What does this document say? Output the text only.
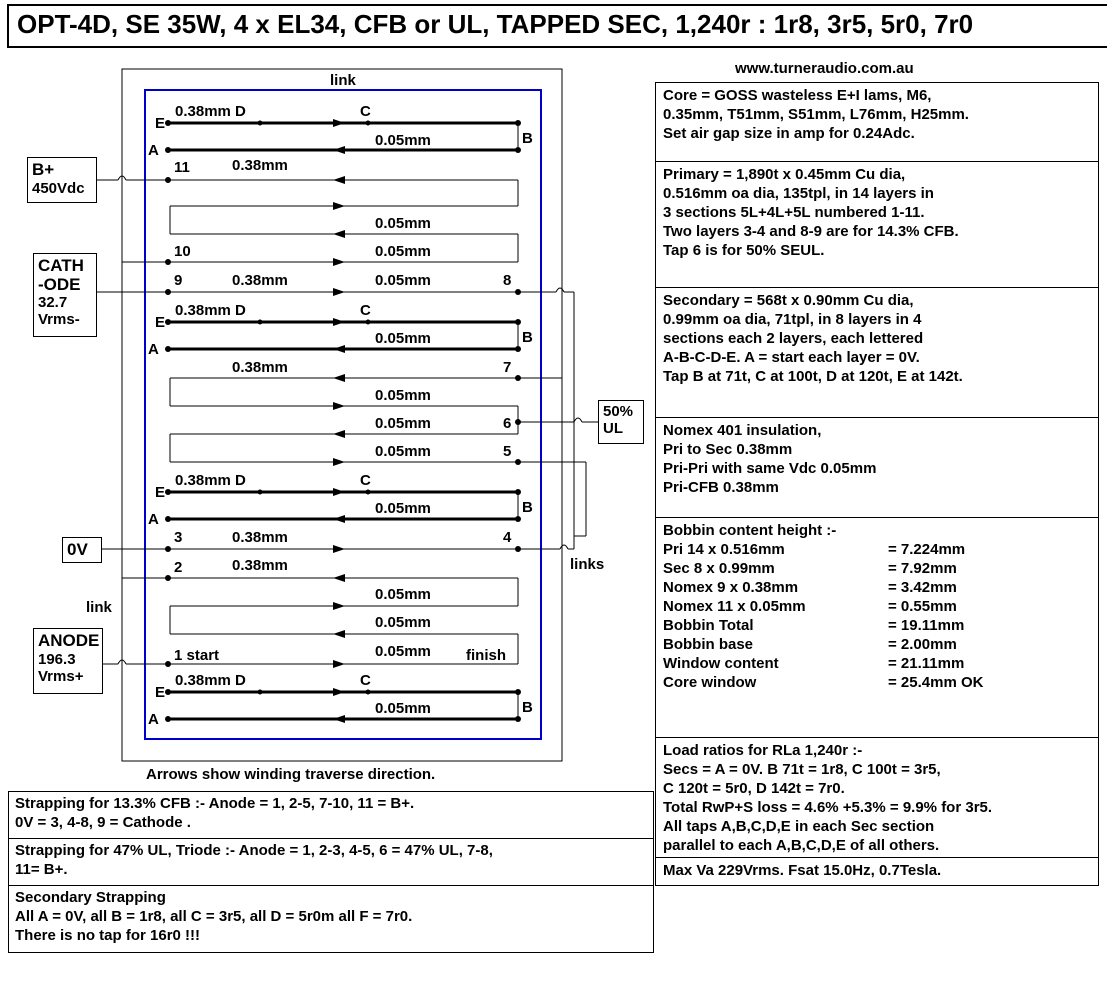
OPT-4D, SE 35W, 4 x EL34, CFB or UL, TAPPED SEC, 1,240r : 1r8, 3r5, 5r0, 7r0
www.turneraudio.com.au
Core = GOSS wasteless E+I lams, M6,
0.35mm, T51mm, S51mm, L76mm, H25mm.
Set air gap size in amp for 0.24Adc.
Primary = 1,890t x 0.45mm Cu dia,
0.516mm oa dia, 135tpl, in 14 layers in
3 sections 5L+4L+5L numbered 1-11.
Two layers 3-4 and 8-9 are for 14.3% CFB.
Tap 6 is for 50% SEUL.
Secondary = 568t x 0.90mm Cu dia,
0.99mm oa dia, 71tpl, in 8 layers in 4
sections each 2 layers, each lettered
A-B-C-D-E. A = start each layer = 0V.
Tap B at 71t, C at 100t, D at 120t, E at 142t.
Nomex 401 insulation,
Pri to Sec 0.38mm
Pri-Pri with same Vdc 0.05mm
Pri-CFB 0.38mm
Bobbin content height :-
Pri 14 x 0.516mm	= 7.224mm
Sec 8 x 0.99mm	= 7.92mm
Nomex 9 x 0.38mm	= 3.42mm
Nomex 11 x 0.05mm	= 0.55mm
Bobbin Total	= 19.11mm
Bobbin base	= 2.00mm
Window content	= 21.11mm
Core window	= 25.4mm OK
Load ratios for RLa 1,240r :-
Secs = A = 0V. B 71t = 1r8, C 100t = 3r5,
C 120t = 5r0, D 142t = 7r0.
Total RwP+S loss = 4.6% +5.3% = 9.9% for 3r5.
All taps A,B,C,D,E in each Sec section
parallel to each A,B,C,D,E of all others.
Max Va 229Vrms. Fsat 15.0Hz, 0.7Tesla.
Strapping for 13.3% CFB :- Anode = 1, 2-5, 7-10, 11 = B+.
0V = 3, 4-8, 9 = Cathode .
Strapping for 47% UL, Triode :- Anode = 1, 2-3, 4-5, 6 = 47% UL, 7-8,
11= B+.
Secondary Strapping
All A = 0V, all B = 1r8, all C = 3r5, all D = 5r0m all F = 7r0.
There is no tap for 16r0 !!!
link
E
A
0.38mm D	C
0.05mm	B
11	0.38mm
0.05mm
0.05mm
10
9	0.38mm	0.05mm	8
E
A
0.38mm D	C
0.05mm	B
0.38mm	7
0.05mm
0.05mm	6
0.05mm	5
E
A
0.38mm D	C
0.05mm	B
3	0.38mm	4
2	0.38mm
0.05mm
0.05mm
0.05mm
1 start	finish
E
A
0.38mm D	C
0.05mm	B
links
link
Arrows show winding traverse direction.
B+
450Vdc
CATH
-ODE
32.7
Vrms-
0V
ANODE
196.3
Vrms+
50%
UL
